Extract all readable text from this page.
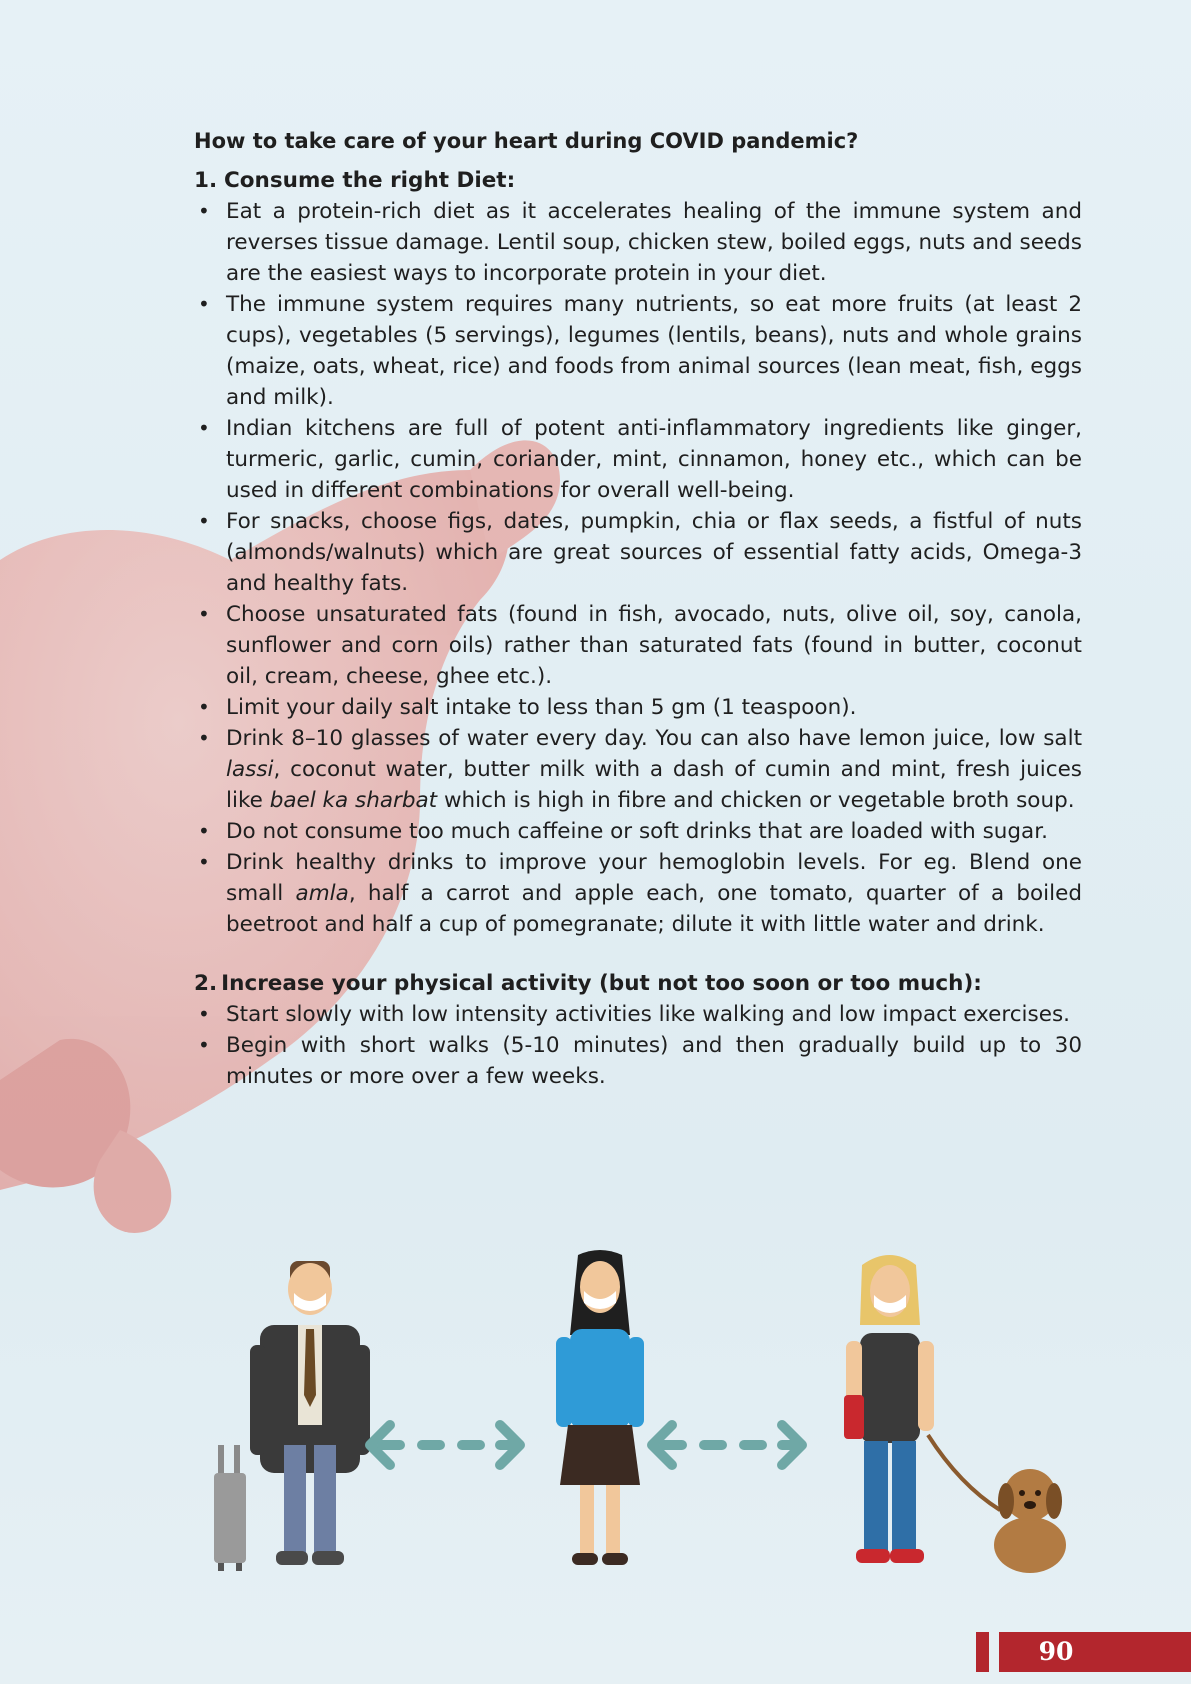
How to take care of your heart during COVID pandemic?

1. Consume the right Diet:

• Eat a protein-rich diet as it accelerates healing of the immune system and reverses tissue damage. Lentil soup, chicken stew, boiled eggs, nuts and seeds are the easiest ways to incorporate protein in your diet.
• The immune system requires many nutrients, so eat more fruits (at least 2 cups), vegetables (5 servings), legumes (lentils, beans), nuts and whole grains (maize, oats, wheat, rice) and foods from animal sources (lean meat, fish, eggs and milk).
• Indian kitchens are full of potent anti-inflammatory ingredients like ginger, turmeric, garlic, cumin, coriander, mint, cinnamon, honey etc., which can be used in different combinations for overall well-being.
• For snacks, choose figs, dates, pumpkin, chia or flax seeds, a fistful of nuts (almonds/walnuts) which are great sources of essential fatty acids, Omega-3 and healthy fats.
• Choose unsaturated fats (found in fish, avocado, nuts, olive oil, soy, canola, sunflower and corn oils) rather than saturated fats (found in butter, coconut oil, cream, cheese, ghee etc.).
• Limit your daily salt intake to less than 5 gm (1 teaspoon).
• Drink 8–10 glasses of water every day. You can also have lemon juice, low salt lassi, coconut water, butter milk with a dash of cumin and mint, fresh juices like bael ka sharbat which is high in fibre and chicken or vegetable broth soup.
• Do not consume too much caffeine or soft drinks that are loaded with sugar.
• Drink healthy drinks to improve your hemoglobin levels. For eg. Blend one small amla, half a carrot and apple each, one tomato, quarter of a boiled beetroot and half a cup of pomegranate; dilute it with little water and drink.

2. Increase your physical activity (but not too soon or too much):

• Start slowly with low intensity activities like walking and low impact exercises.
• Begin with short walks (5-10 minutes) and then gradually build up to 30 minutes or more over a few weeks.
90
